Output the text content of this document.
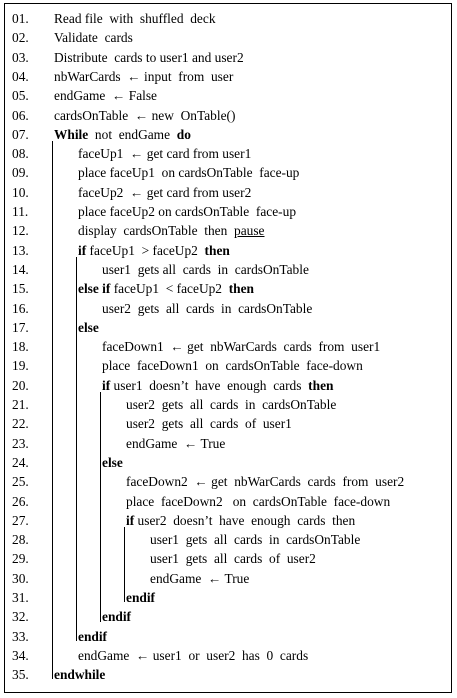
01.	Read file  with  shuffled  deck
02.	Validate  cards
03.	Distribute  cards to user1 and user2
04.	nbWarCards  ← input  from  user
05.	endGame  ← False
06.	cardsOnTable  ← new  OnTable()
07.	While  not  endGame  do
08.	faceUp1  ← get card from user1
09.	place faceUp1  on cardsOnTable  face-up
10.	faceUp2  ← get card from user2
11.	place faceUp2 on cardsOnTable  face-up
12.	display  cardsOnTable  then  pause
13.	if faceUp1  > faceUp2  then
14.	user1  gets all  cards  in  cardsOnTable
15.	else if faceUp1  < faceUp2  then
16.	user2  gets  all  cards  in  cardsOnTable
17.	else
18.	faceDown1  ← get  nbWarCards  cards  from  user1
19.	place  faceDown1  on  cardsOnTable  face-down
20.	if user1  doesn’t  have  enough  cards  then
21.	user2  gets  all  cards  in  cardsOnTable
22.	user2  gets  all  cards  of  user1
23.	endGame  ← True
24.	else
25.	faceDown2  ← get  nbWarCards  cards  from  user2
26.	place  faceDown2   on  cardsOnTable  face-down
27.	if user2  doesn’t  have  enough  cards  then
28.	user1  gets  all  cards  in  cardsOnTable
29.	user1  gets  all  cards  of  user2
30.	endGame  ← True
31.	endif
32.	endif
33.	endif
34.	endGame  ← user1  or  user2  has  0  cards
35.	endwhile
